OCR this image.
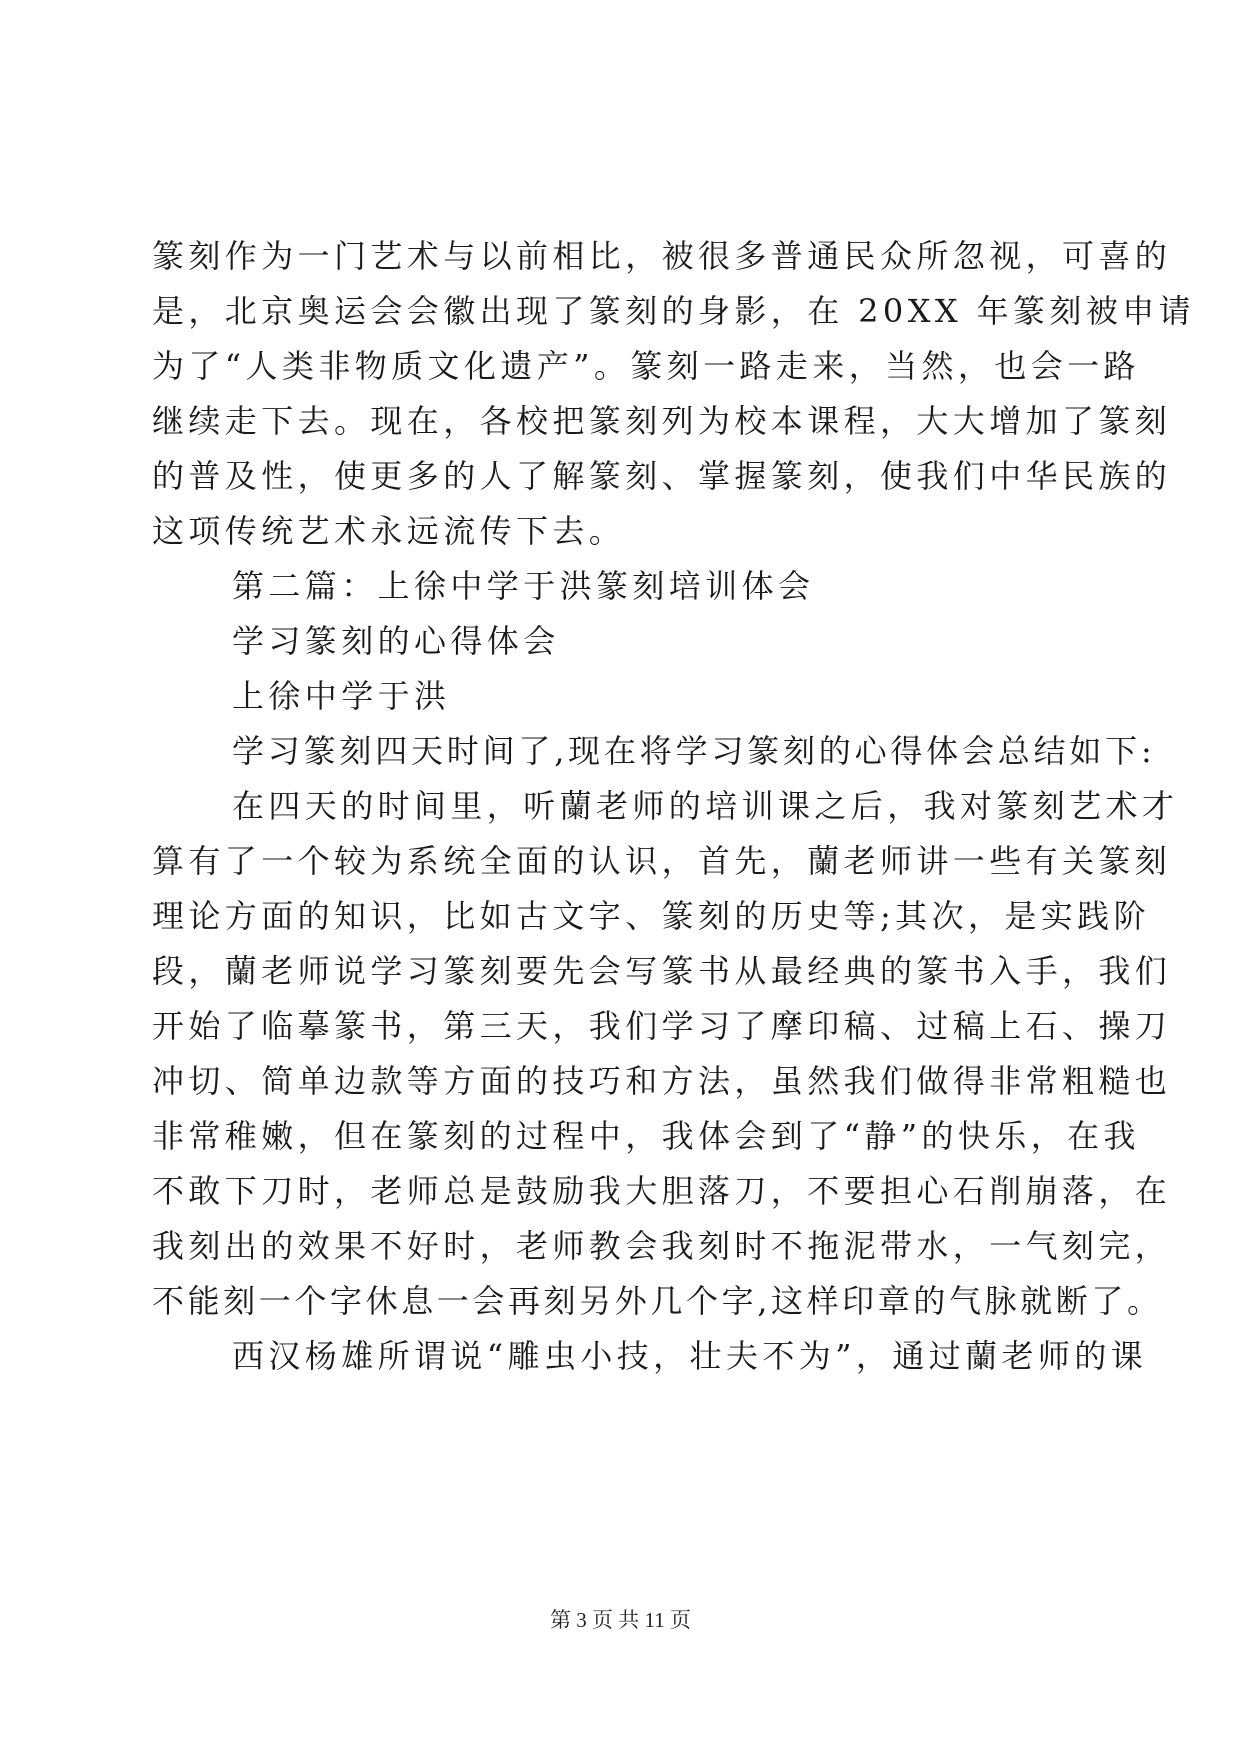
篆刻作为一门艺术与以前相比，被很多普通民众所忽视，可喜的
是，北京奥运会会徽出现了篆刻的身影，在 20XX 年篆刻被申请
为了“人类非物质文化遗产”。篆刻一路走来，当然，也会一路
继续走下去。现在，各校把篆刻列为校本课程，大大增加了篆刻
的普及性，使更多的人了解篆刻、掌握篆刻，使我们中华民族的
这项传统艺术永远流传下去。
第二篇：上徐中学于洪篆刻培训体会
学习篆刻的心得体会
上徐中学于洪
学习篆刻四天时间了,现在将学习篆刻的心得体会总结如下:
在四天的时间里，听蘭老师的培训课之后，我对篆刻艺术才
算有了一个较为系统全面的认识，首先，蘭老师讲一些有关篆刻
理论方面的知识，比如古文字、篆刻的历史等;其次，是实践阶
段，蘭老师说学习篆刻要先会写篆书从最经典的篆书入手，我们
开始了临摹篆书，第三天，我们学习了摩印稿、过稿上石、操刀
冲切、简单边款等方面的技巧和方法，虽然我们做得非常粗糙也
非常稚嫩，但在篆刻的过程中，我体会到了“静”的快乐，在我
不敢下刀时，老师总是鼓励我大胆落刀，不要担心石削崩落，在
我刻出的效果不好时，老师教会我刻时不拖泥带水，一气刻完，
不能刻一个字休息一会再刻另外几个字,这样印章的气脉就断了。
西汉杨雄所谓说“雕虫小技，壮夫不为”，通过蘭老师的课
第 3 页 共 11 页
